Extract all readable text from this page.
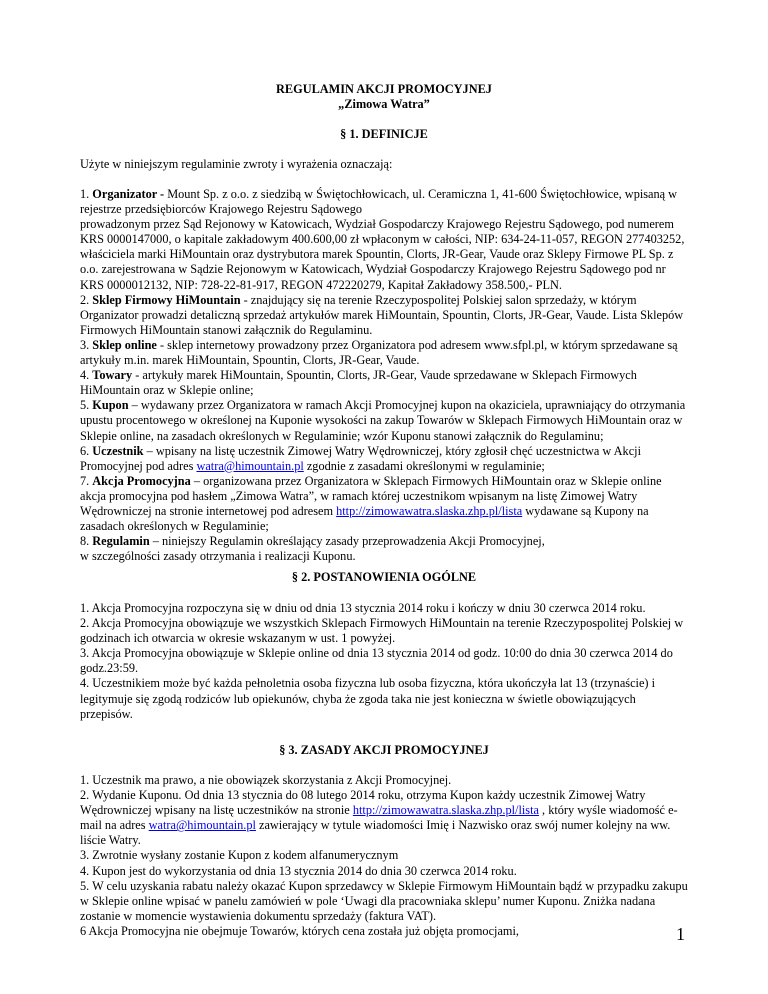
REGULAMIN AKCJI PROMOCYJNEJ
„Zimowa Watra”
§ 1. DEFINICJE

Użyte w niniejszym regulaminie zwroty i wyrażenia oznaczają:

1. Organizator - Mount Sp. z o.o. z siedzibą w Świętochłowicach, ul. Ceramiczna 1, 41-600 Świętochłowice, wpisaną w rejestrze przedsiębiorców Krajowego Rejestru Sądowego

prowadzonym przez Sąd Rejonowy w Katowicach, Wydział Gospodarczy Krajowego Rejestru Sądowego, pod numerem KRS 0000147000, o kapitale zakładowym 400.600,00 zł wpłaconym w całości, NIP: 634-24-11-057, REGON 277403252, właściciela marki HiMountain oraz dystrybutora marek Spountin, Clorts, JR-Gear, Vaude oraz Sklepy Firmowe PL Sp. z o.o. zarejestrowana w Sądzie Rejonowym w Katowicach, Wydział Gospodarczy Krajowego Rejestru Sądowego pod nr KRS 0000012132, NIP: 728-22-81-917, REGON 472220279, Kapitał Zakładowy 358.500,- PLN.

2. Sklep Firmowy HiMountain - znajdujący się na terenie Rzeczypospolitej Polskiej salon sprzedaży, w którym Organizator prowadzi detaliczną sprzedaż artykułów marek HiMountain, Spountin, Clorts, JR-Gear, Vaude. Lista Sklepów Firmowych HiMountain stanowi załącznik do Regulaminu.

3. Sklep online - sklep internetowy prowadzony przez Organizatora pod adresem www.sfpl.pl, w którym sprzedawane są artykuły m.in. marek HiMountain, Spountin, Clorts, JR-Gear, Vaude.

4. Towary - artykuły marek HiMountain, Spountin, Clorts, JR-Gear, Vaude sprzedawane w Sklepach Firmowych HiMountain oraz w Sklepie online;

5. Kupon – wydawany przez Organizatora w ramach Akcji Promocyjnej kupon na okaziciela, uprawniający do otrzymania upustu procentowego w określonej na Kuponie wysokości na zakup Towarów w Sklepach Firmowych HiMountain oraz w Sklepie online, na zasadach określonych w Regulaminie; wzór Kuponu stanowi załącznik do Regulaminu;

6. Uczestnik – wpisany na listę uczestnik Zimowej Watry Wędrowniczej, który zgłosił chęć uczestnictwa w Akcji Promocyjnej pod adres watra@himountain.pl zgodnie z zasadami określonymi w regulaminie;

7. Akcja Promocyjna – organizowana przez Organizatora w Sklepach Firmowych HiMountain oraz w Sklepie online akcja promocyjna pod hasłem „Zimowa Watra”, w ramach której uczestnikom wpisanym na listę Zimowej Watry Wędrowniczej na stronie internetowej pod adresem http://zimowawatra.slaska.zhp.pl/lista wydawane są Kupony na zasadach określonych w Regulaminie;

8. Regulamin – niniejszy Regulamin określający zasady przeprowadzenia Akcji Promocyjnej,

w szczególności zasady otrzymania i realizacji Kuponu.

§ 2. POSTANOWIENIA OGÓLNE

1. Akcja Promocyjna rozpoczyna się w dniu od dnia 13 stycznia 2014 roku i kończy w dniu 30 czerwca 2014 roku.

2. Akcja Promocyjna obowiązuje we wszystkich Sklepach Firmowych HiMountain na terenie Rzeczypospolitej Polskiej w godzinach ich otwarcia w okresie wskazanym w ust. 1 powyżej.

3. Akcja Promocyjna obowiązuje w Sklepie online od dnia 13 stycznia 2014 od godz. 10:00 do dnia 30 czerwca 2014 do godz.23:59.

4. Uczestnikiem może być każda pełnoletnia osoba fizyczna lub osoba fizyczna, która ukończyła lat 13 (trzynaście) i legitymuje się zgodą rodziców lub opiekunów, chyba że zgoda taka nie jest konieczna w świetle obowiązujących przepisów.

§ 3. ZASADY AKCJI PROMOCYJNEJ

1. Uczestnik ma prawo, a nie obowiązek skorzystania z Akcji Promocyjnej.

2. Wydanie Kuponu. Od dnia 13 stycznia do 08 lutego 2014 roku, otrzyma Kupon każdy uczestnik Zimowej Watry Wędrowniczej wpisany na listę uczestników na stronie http://zimowawatra.slaska.zhp.pl/lista , który wyśle wiadomość e-mail na adres watra@himountain.pl zawierający w tytule wiadomości Imię i Nazwisko oraz swój numer kolejny na ww. liście Watry.

3. Zwrotnie wysłany zostanie Kupon z kodem alfanumerycznym

4. Kupon jest do wykorzystania od dnia 13 stycznia 2014 do dnia 30 czerwca 2014 roku.

5. W celu uzyskania rabatu należy okazać Kupon sprzedawcy w Sklepie Firmowym HiMountain bądź w przypadku zakupu w Sklepie online wpisać w panelu zamówień w pole ‘Uwagi dla pracowniaka sklepu’ numer Kuponu. Zniżka nadana zostanie w momencie wystawienia dokumentu sprzedaży (faktura VAT).

6 Akcja Promocyjna nie obejmuje Towarów, których cena została już objęta promocjami,	1
